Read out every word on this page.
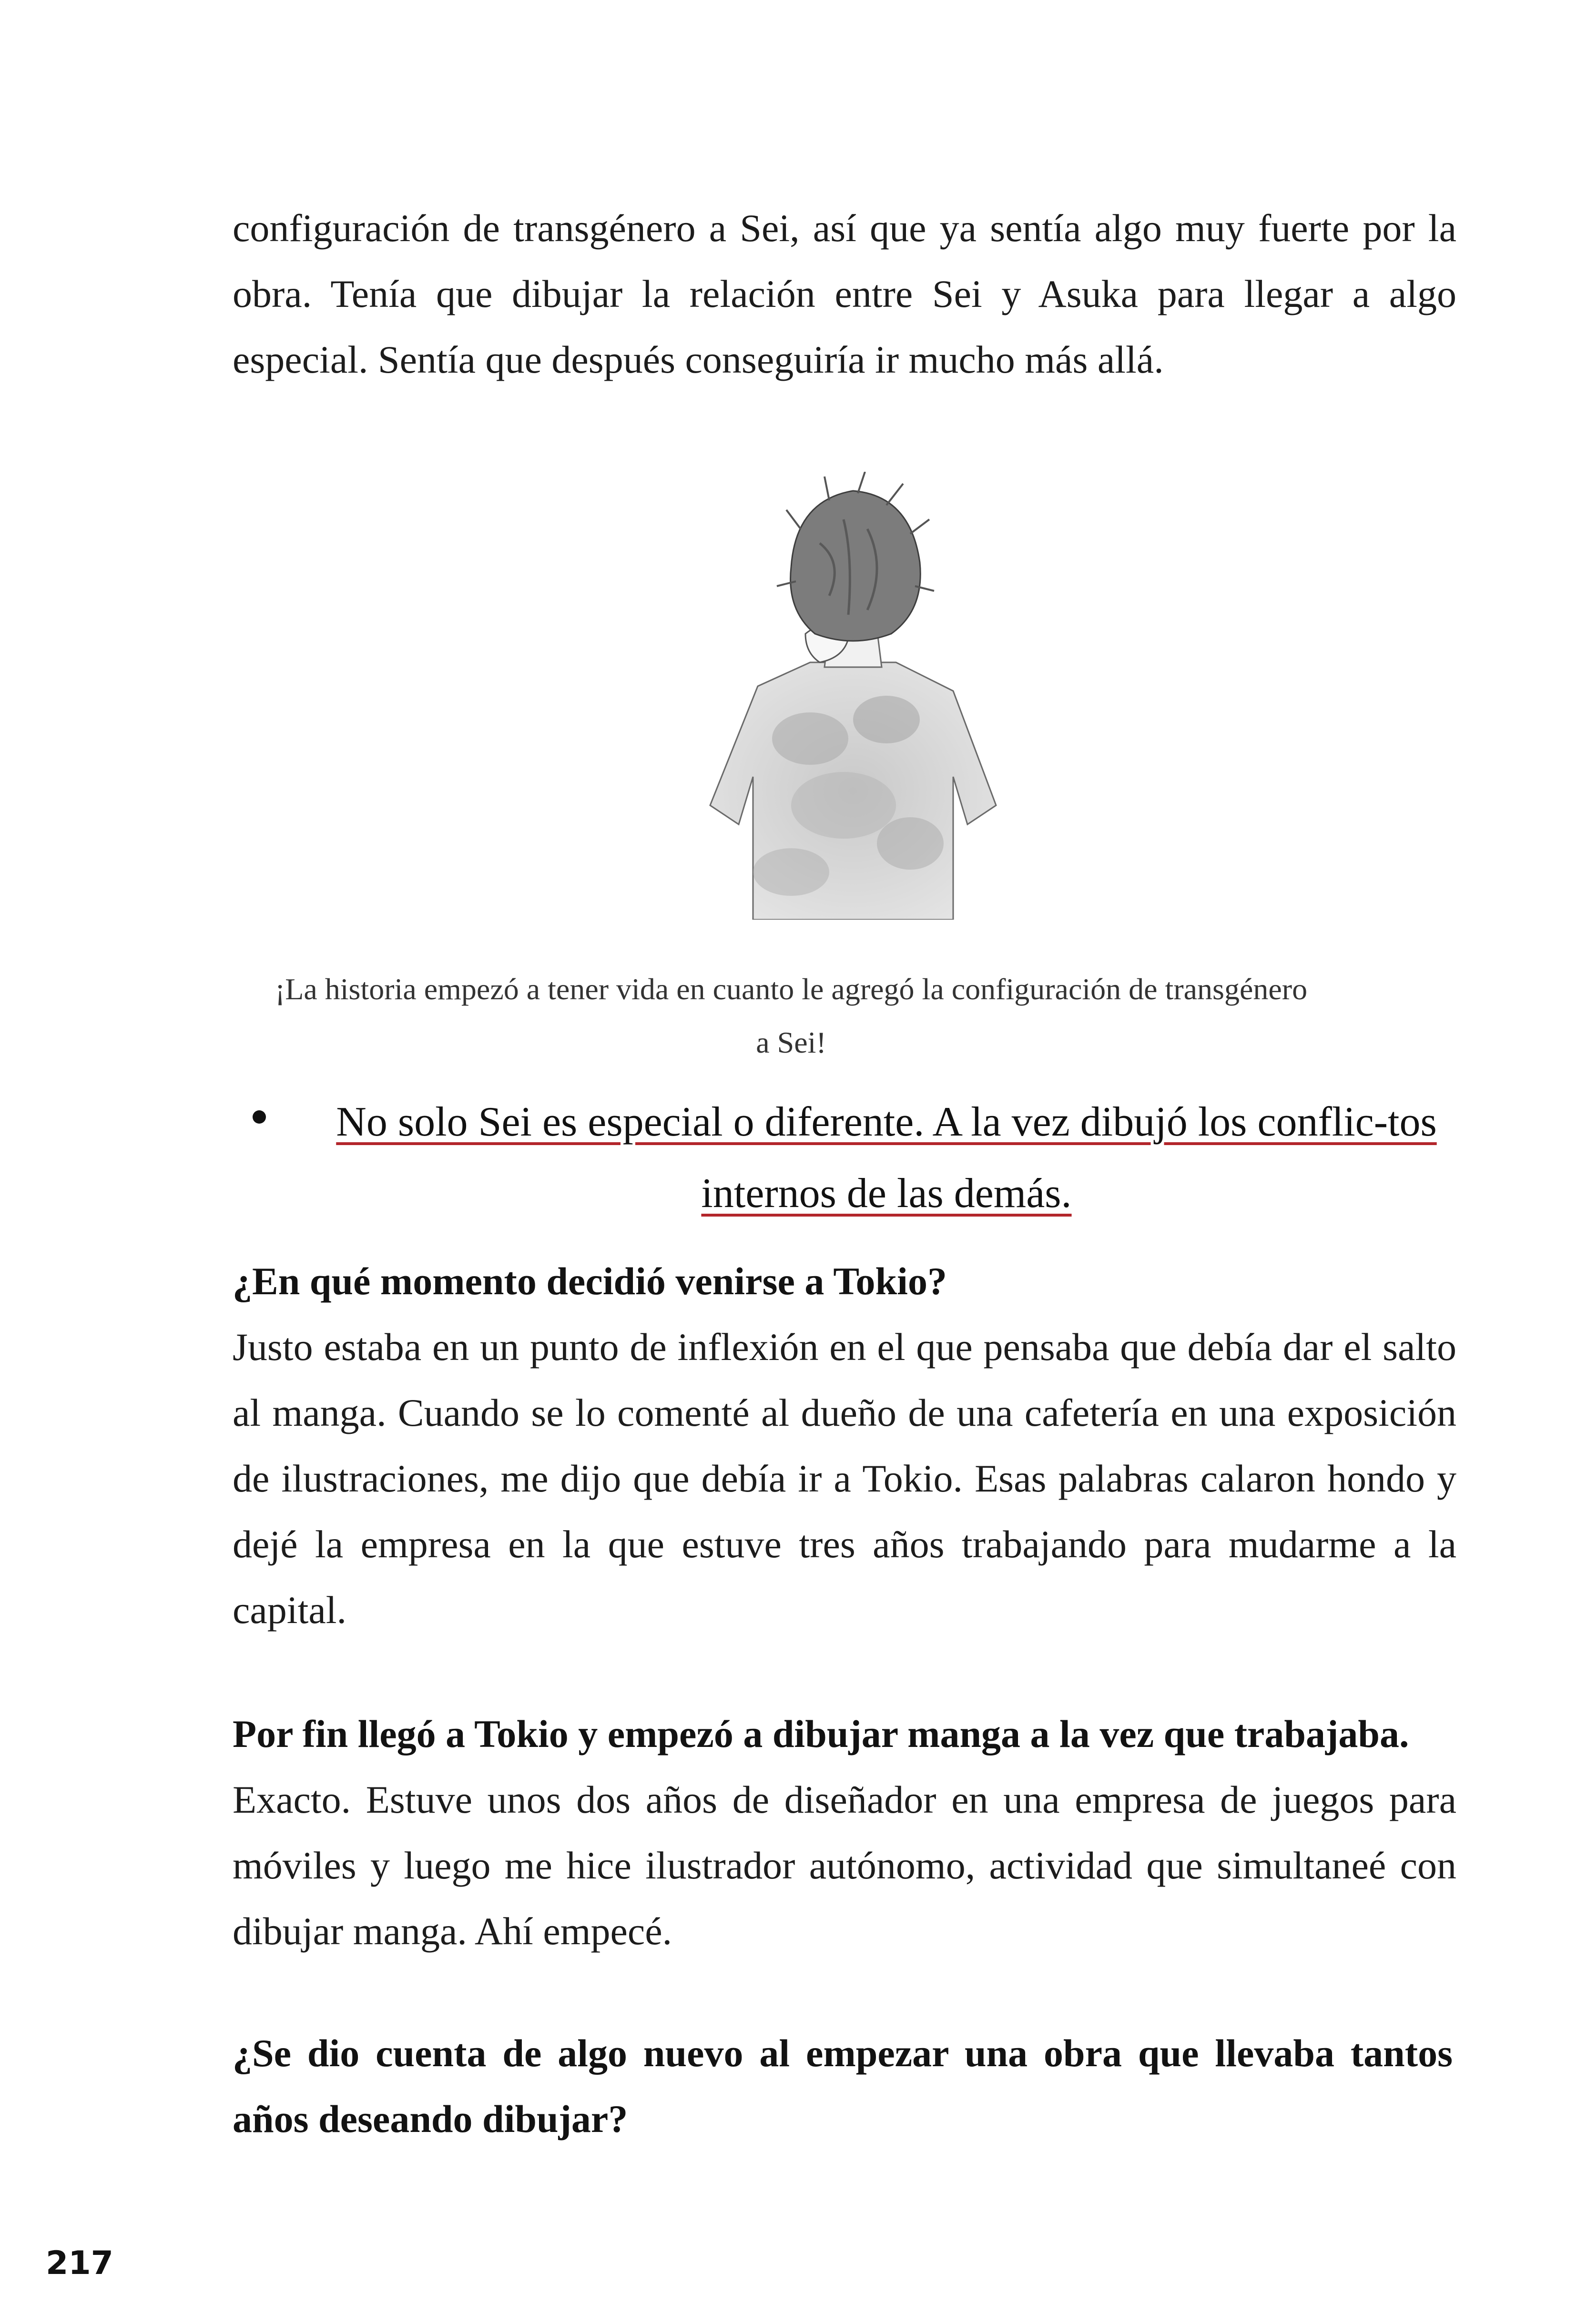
configuración de transgénero a Sei, así que ya sentía algo muy fuerte por la obra. Tenía que dibujar la relación entre Sei y Asuka para llegar a algo especial. Sentía que después conseguiría ir mucho más allá.

¡La historia empezó a tener vida en cuanto le agregó la configuración de transgénero a Sei!

No solo Sei es especial o diferente. A la vez dibujó los conflic-tos internos de las demás.

¿En qué momento decidió venirse a Tokio?

Justo estaba en un punto de inflexión en el que pensaba que debía dar el salto al manga. Cuando se lo comenté al dueño de una cafetería en una exposición de ilustraciones, me dijo que debía ir a Tokio. Esas palabras calaron hondo y dejé la empresa en la que estuve tres años trabajando para mudarme a la capital.

Por fin llegó a Tokio y empezó a dibujar manga a la vez que trabajaba.

Exacto. Estuve unos dos años de diseñador en una empresa de juegos para móviles y luego me hice ilustrador autónomo, actividad que simultaneé con dibujar manga. Ahí empecé.

¿Se dio cuenta de algo nuevo al empezar una obra que llevaba tantos años deseando dibujar?

217
